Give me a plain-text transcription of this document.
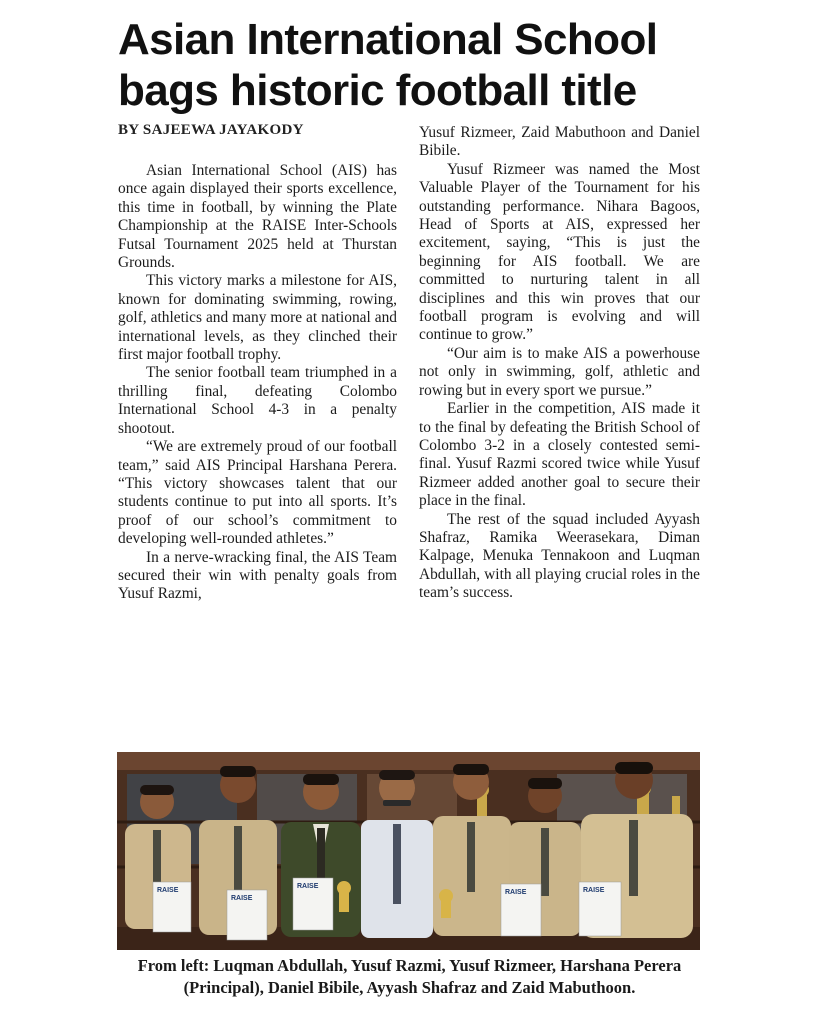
Asian International School bags historic football title
BY SAJEEWA JAYAKODY

Asian International School (AIS) has once again displayed their sports excellence, this time in football, by winning the Plate Championship at the RAISE Inter-Schools Futsal Tournament 2025 held at Thurstan Grounds.

This victory marks a milestone for AIS, known for dominating swimming, rowing, golf, athletics and many more at national and international levels, as they clinched their first major football trophy.

The senior football team triumphed in a thrilling final, defeating Colombo International School 4-3 in a penalty shootout.

“We are extremely proud of our football team,” said AIS Principal Harshana Perera. “This victory showcases talent that our students continue to put into all sports. It’s proof of our school’s commitment to developing well-rounded athletes.”

In a nerve-wracking final, the AIS Team secured their win with penalty goals from Yusuf Razmi,

Yusuf Rizmeer, Zaid Mabuthoon and Daniel Bibile.

Yusuf Rizmeer was named the Most Valuable Player of the Tournament for his outstanding performance. Nihara Bagoos, Head of Sports at AIS, expressed her excitement, saying, “This is just the beginning for AIS football. We are committed to nurturing talent in all disciplines and this win proves that our football program is evolving and will continue to grow.”

“Our aim is to make AIS a powerhouse not only in swimming, golf, athletic and rowing but in every sport we pursue.”

Earlier in the competition, AIS made it to the final by defeating the British School of Colombo 3-2 in a closely contested semi-final. Yusuf Razmi scored twice while Yusuf Rizmeer added another goal to secure their place in the final.

The rest of the squad included Ayyash Shafraz, Ramika Weerasekara, Diman Kalpage, Menuka Tennakoon and Luqman Abdullah, with all playing crucial roles in the team’s success.

RAISE
RAISE
RAISE
RAISE	RAISE
From left: Luqman Abdullah, Yusuf Razmi, Yusuf Rizmeer, Harshana Perera (Principal), Daniel Bibile, Ayyash Shafraz and Zaid Mabuthoon.
